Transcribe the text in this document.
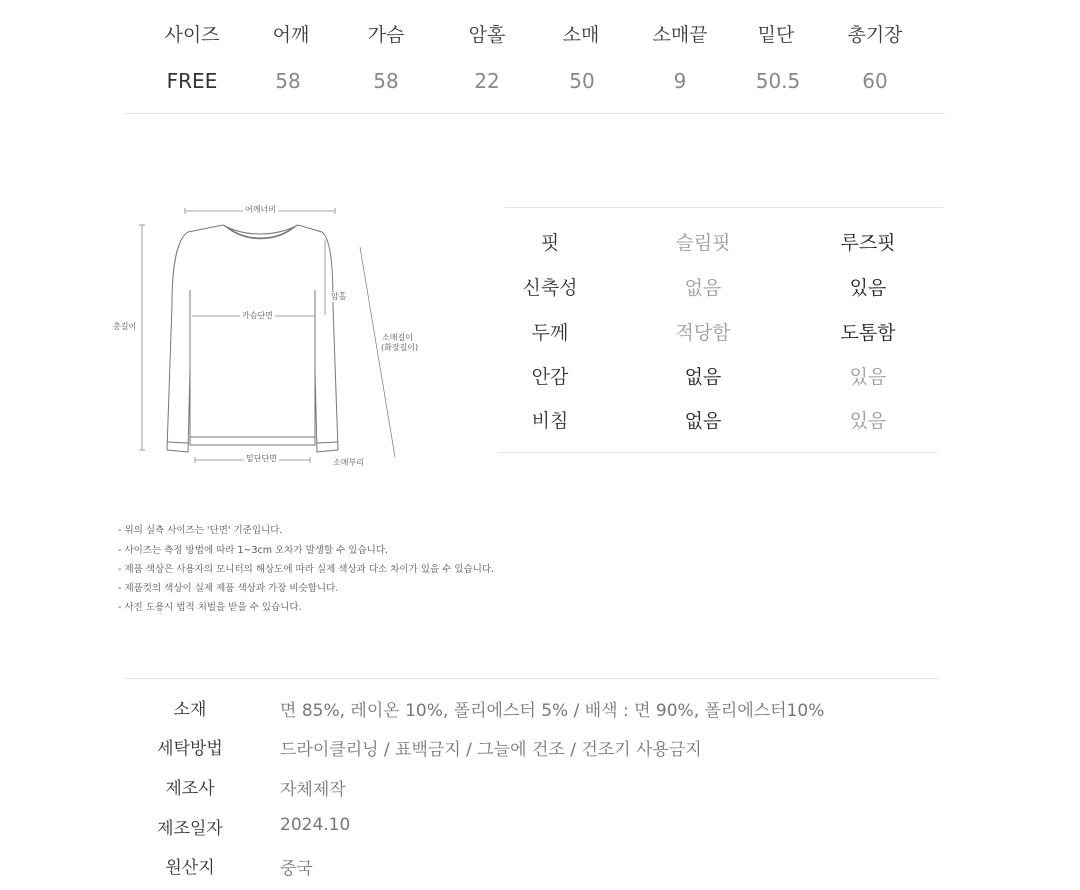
사이즈	어깨	가슴	암홀	소매	소매끝	밑단	총기장
FREE	58	58	22	50	9	50.5	60
어깨너비
가슴단면
암홀
총길이
소매길이
(화장길이)
밑단단면	소매부리
핏	슬림핏	루즈핏
신축성	없음	있음
두께	적당함	도톰함
안감	없음	있음
비침	없음	있음
- 위의 실측 사이즈는 '단면' 기준입니다.
- 사이즈는 측정 방법에 따라 1~3cm 오차가 발생할 수 있습니다.
- 제품 색상은 사용자의 모니터의 해상도에 따라 실제 색상과 다소 차이가 있을 수 있습니다.
- 제품컷의 색상이 실제 제품 색상과 가장 비슷합니다.
- 사진 도용시 법적 처벌을 받을 수 있습니다.
소재	면 85%, 레이온 10%, 폴리에스터 5% / 배색 : 면 90%, 폴리에스터10%
세탁방법	드라이클리닝 / 표백금지 / 그늘에 건조 / 건조기 사용금지
제조사	자체제작
제조일자	2024.10
원산지	중국
